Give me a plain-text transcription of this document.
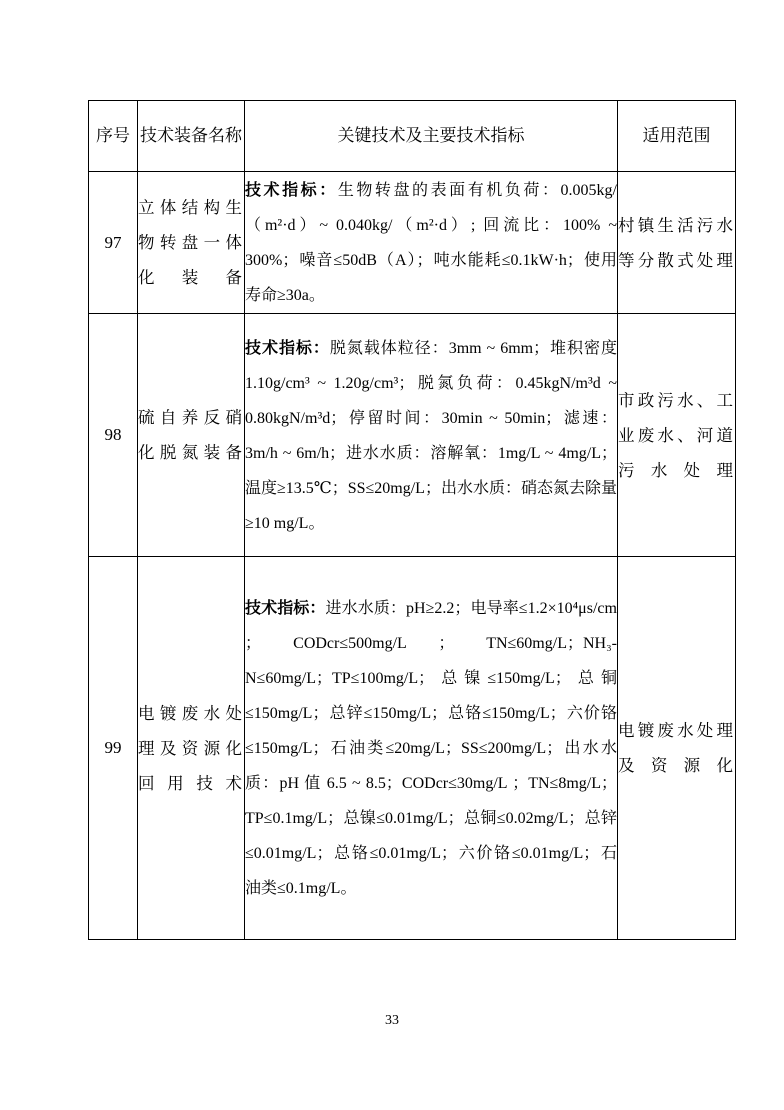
序号	技术装备名称	关键技术及主要技术指标	适用范围
97	立体结构生物转盘一体化装备	技术指标：生物转盘的表面有机负荷：0.005kg/（m²·d）~ 0.040kg/（m²·d）; 回流比：100% ~ 300%；噪音≤50dB（A）；吨水能耗≤0.1kW·h；使用寿命≥30a。	村镇生活污水等分散式处理
98	硫自养反硝化脱氮装备	技术指标：脱氮载体粒径：3mm ~ 6mm；堆积密度 1.10g/cm³ ~ 1.20g/cm³；脱氮负荷：0.45kgN/m³d ~ 0.80kgN/m³d；停留时间：30min ~ 50min；滤速：3m/h ~ 6m/h；进水水质：溶解氧：1mg/L ~ 4mg/L；温度≥13.5℃；SS≤20mg/L；出水水质：硝态氮去除量≥10 mg/L。	市政污水、工业废水、河道污水处理
99	电镀废水处理及资源化回用技术	技术指标：进水水质：pH≥2.2；电导率≤1.2×10⁴μs/cm ； CODcr≤500mg/L ； TN≤60mg/L；NH₃-N≤60mg/L；TP≤100mg/L；总镍≤150mg/L；总铜≤150mg/L；总锌≤150mg/L；总铬≤150mg/L；六价铬≤150mg/L；石油类≤20mg/L；SS≤200mg/L；出水水质：pH 值 6.5 ~ 8.5；CODcr≤30mg/L ；TN≤8mg/L；TP≤0.1mg/L；总镍≤0.01mg/L；总铜≤0.02mg/L；总锌≤0.01mg/L；总铬≤0.01mg/L；六价铬≤0.01mg/L；石油类≤0.1mg/L。	电镀废水处理及资源化
33
